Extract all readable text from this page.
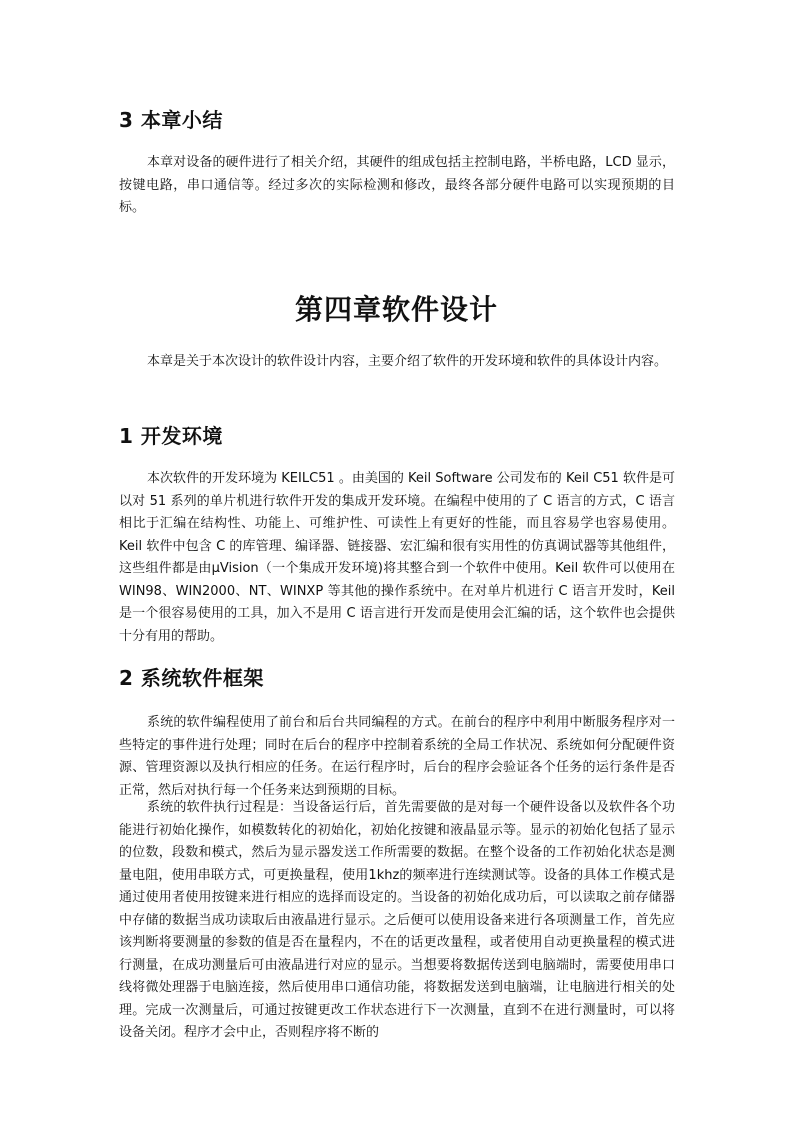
3 本章小结

本章对设备的硬件进行了相关介绍，其硬件的组成包括主控制电路，半桥电路，LCD 显示，按键电路，串口通信等。经过多次的实际检测和修改，最终各部分硬件电路可以实现预期的目标。

第四章软件设计

本章是关于本次设计的软件设计内容，主要介绍了软件的开发环境和软件的具体设计内容。

1 开发环境

本次软件的开发环境为 KEILC51 。由美国的 Keil Software 公司发布的 Keil C51 软件是可以对 51 系列的单片机进行软件开发的集成开发环境。在编程中使用的了 C 语言的方式，C 语言相比于汇编在结构性、功能上、可维护性、可读性上有更好的性能，而且容易学也容易使用。Keil 软件中包含 C 的库管理、编译器、链接器、宏汇编和很有实用性的仿真调试器等其他组件，这些组件都是由μVision（一个集成开发环境)将其整合到一个软件中使用。Keil 软件可以使用在 WIN98、WIN2000、NT、WINXP 等其他的操作系统中。在对单片机进行 C 语言开发时，Keil 是一个很容易使用的工具，加入不是用 C 语言进行开发而是使用会汇编的话，这个软件也会提供十分有用的帮助。

2 系统软件框架

系统的软件编程使用了前台和后台共同编程的方式。在前台的程序中利用中断服务程序对一些特定的事件进行处理；同时在后台的程序中控制着系统的全局工作状况、系统如何分配硬件资源、管理资源以及执行相应的任务。在运行程序时，后台的程序会验证各个任务的运行条件是否正常，然后对执行每一个任务来达到预期的目标。

系统的软件执行过程是：当设备运行后，首先需要做的是对每一个硬件设备以及软件各个功能进行初始化操作，如模数转化的初始化，初始化按键和液晶显示等。显示的初始化包括了显示的位数，段数和模式，然后为显示器发送工作所需要的数据。在整个设备的工作初始化状态是测量电阻，使用串联方式，可更换量程，使用1khz的频率进行连续测试等。设备的具体工作模式是通过使用者使用按键来进行相应的选择而设定的。当设备的初始化成功后，可以读取之前存储器中存储的数据当成功读取后由液晶进行显示。之后便可以使用设备来进行各项测量工作，首先应该判断将要测量的参数的值是否在量程内，不在的话更改量程，或者使用自动更换量程的模式进行测量，在成功测量后可由液晶进行对应的显示。当想要将数据传送到电脑端时，需要使用串口线将微处理器于电脑连接，然后使用串口通信功能，将数据发送到电脑端，让电脑进行相关的处理。完成一次测量后，可通过按键更改工作状态进行下一次测量，直到不在进行测量时，可以将设备关闭。程序才会中止，否则程序将不断的
